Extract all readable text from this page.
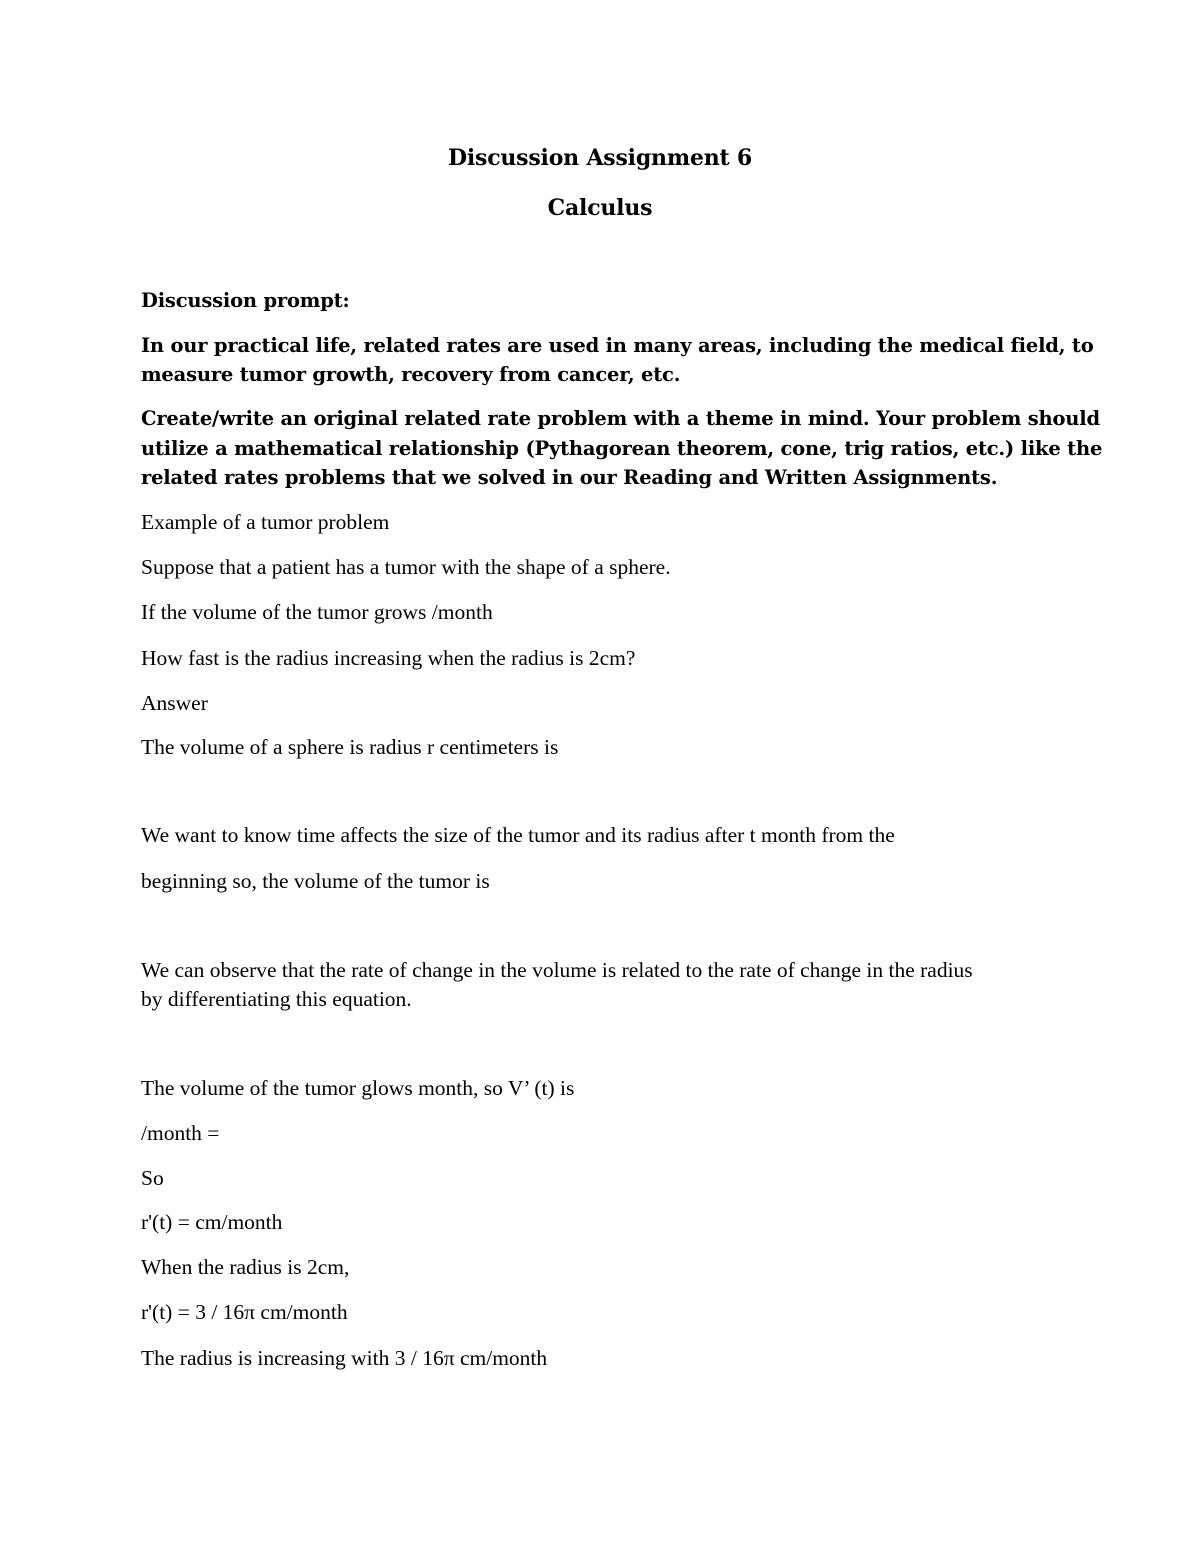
Discussion Assignment 6
Calculus
Discussion prompt:
In our practical life, related rates are used in many areas, including the medical field, to
measure tumor growth, recovery from cancer, etc.
Create/write an original related rate problem with a theme in mind. Your problem should
utilize a mathematical relationship (Pythagorean theorem, cone, trig ratios, etc.) like the
related rates problems that we solved in our Reading and Written Assignments.
Example of a tumor problem
Suppose that a patient has a tumor with the shape of a sphere.
If the volume of the tumor grows /month
How fast is the radius increasing when the radius is 2cm?
Answer
The volume of a sphere is radius r centimeters is
We want to know time affects the size of the tumor and its radius after t month from the
beginning so, the volume of the tumor is
We can observe that the rate of change in the volume is related to the rate of change in the radius
by differentiating this equation.
The volume of the tumor glows month, so V’ (t) is
/month =
So
r'(t) = cm/month
When the radius is 2cm,
r'(t) = 3 / 16π cm/month
The radius is increasing with 3 / 16π cm/month
